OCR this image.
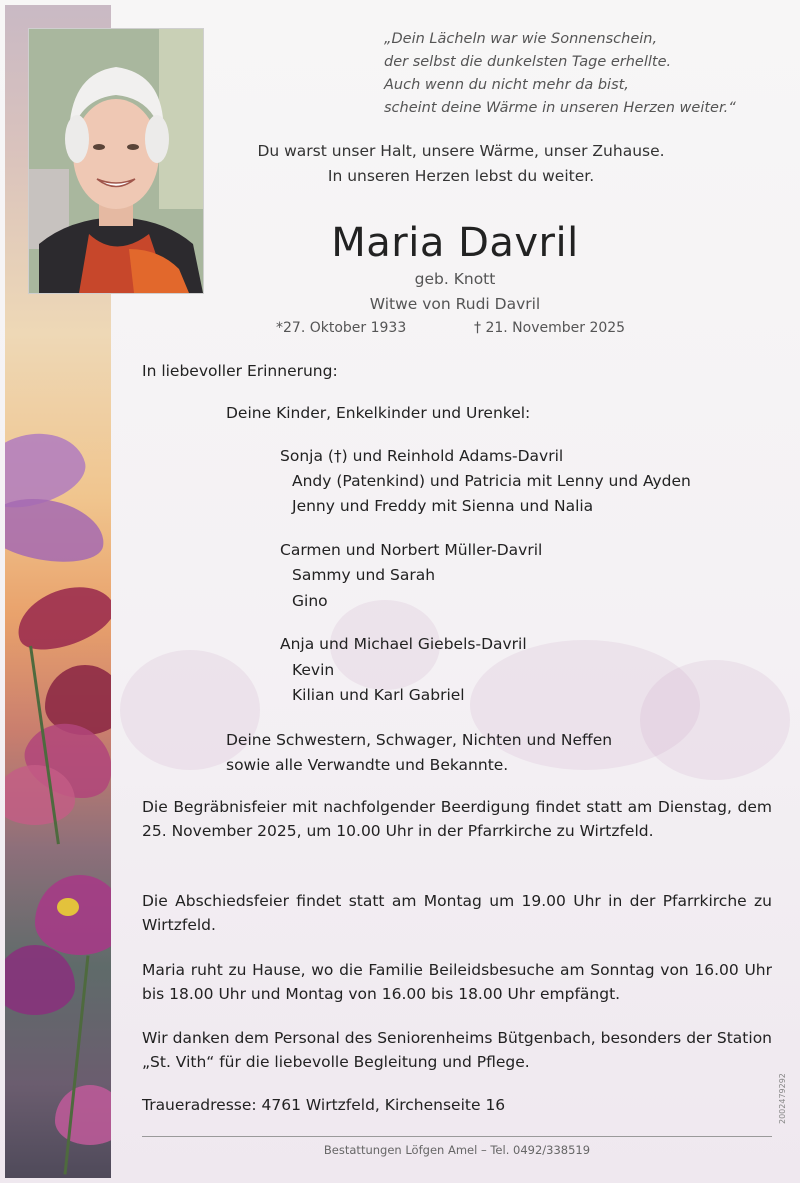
„Dein Lächeln war wie Sonnenschein,
der selbst die dunkelsten Tage erhellte.
Auch wenn du nicht mehr da bist,
scheint deine Wärme in unseren Herzen weiter.“
Du warst unser Halt, unsere Wärme, unser Zuhause.
In unseren Herzen lebst du weiter.
Maria Davril
geb. Knott
Witwe von Rudi Davril
*27. Oktober 1933	† 21. November 2025
In liebevoller Erinnerung:
Deine Kinder, Enkelkinder und Urenkel:
Sonja (†) und Reinhold Adams-Davril
Andy (Patenkind) und Patricia mit Lenny und Ayden
Jenny und Freddy mit Sienna und Nalia
Carmen und Norbert Müller-Davril
Sammy und Sarah
Gino
Anja und Michael Giebels-Davril
Kevin
Kilian und Karl Gabriel
Deine Schwestern, Schwager, Nichten und Neffen
sowie alle Verwandte und Bekannte.
Die Begräbnisfeier mit nachfolgender Beerdigung findet statt am Dienstag, dem 25. November 2025, um 10.00 Uhr in der Pfarrkirche zu Wirtzfeld.
Die Abschiedsfeier findet statt am Montag um 19.00 Uhr in der Pfarrkirche zu Wirtzfeld.
Maria ruht zu Hause, wo die Familie Beileidsbesuche am Sonntag von 16.00 Uhr bis 18.00 Uhr und Montag von 16.00 bis 18.00 Uhr empfängt.
Wir danken dem Personal des Seniorenheims Bütgenbach, besonders der Station „St. Vith“ für die liebevolle Begleitung und Pflege.
Traueradresse: 4761 Wirtzfeld, Kirchenseite 16
Bestattungen Löfgen Amel – Tel. 0492/338519
2002479292
